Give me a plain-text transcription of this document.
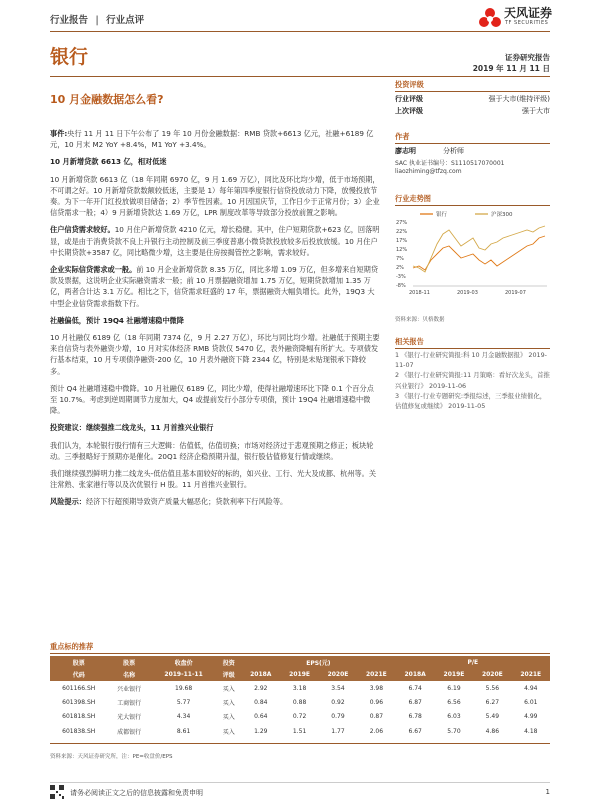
行业报告 | 行业点评
天风证券
TF SECURITIES
银行	证券研究报告
2019 年 11 月 11 日
10 月金融数据怎么看?
投资评级
行业评级	强于大市(维持评级)
上次评级	强于大市
作者
廖志明	分析师
SAC 执业证书编号：S1110517070001
liaozhiming@tfzq.com
行业走势图
银行	沪深300
27%
22%
17%
12%
7%
2%
-3%
-8%
2018-11	2019-03	2019-07
资料来源：贝格数据
相关报告
1 《银行-行业研究简报:科 10 月金融数据报》 2019-11-07
2 《银行-行业研究简报:11 月策略：看好次龙头，首推兴业银行》 2019-11-06
3 《银行-行业专题研究:季报综述，三季报业绩催化，估值修复或继续》 2019-11-05

事件:央行 11 月 11 日下午公布了 19 年 10 月份金融数据：RMB 贷款+6613 亿元，社融+6189 亿元，10 月末 M2 YoY +8.4%，M1 YoY +3.4%。

10 月新增贷款 6613 亿，相对低迷

10 月新增贷款 6613 亿（18 年同期 6970 亿，9 月 1.69 万亿），同比及环比均少增，低于市场预期，不可谓之好。10 月新增贷款数额较低迷，主要是 1）每年第四季度银行信贷投放动力下降，放慢投放节奏。为下一年开门红投放做项目储备；2）季节性因素。10 月因国庆节，工作日少于正常月份；3）企业信贷需求一般；4）9 月新增贷款达 1.69 万亿，LPR 制度改革等导致部分投放前置之影响。

住户信贷需求较好。10 月住户新增贷款 4210 亿元，增长稳健。其中，住户短期贷款+623 亿，回落明显，或是由于消费贷款不良上升银行主动控制及前三季度普惠小微贷款投放较多后投放放缓。10 月住户中长期贷款+3587 亿，同比略微少增，这主要是住房按揭管控之影响，需求较好。

企业实际信贷需求或一般。前 10 月企业新增贷款 8.35 万亿，同比多增 1.09 万亿，但多增来自短期贷款及票据，这说明企业实际融资需求一般；前 10 月票据融资增加 1.75 万亿，短期贷款增加 1.35 万亿，两者合计达 3.1 万亿。相比之下，信贷需求旺盛的 17 年，票据融资大幅负增长。此外，19Q3 大中型企业信贷需求指数下行。

社融偏低，预计 19Q4 社融增速稳中微降

10 月社融仅 6189 亿（18 年同期 7374 亿，9 月 2.27 万亿），环比与同比均少增。社融低于预期主要来自信贷与表外融资少增，10 月对实体经济 RMB 贷款仅 5470 亿，表外融资降幅有所扩大。专项债发行基本结束，10 月专项债净融资-200 亿，10 月表外融资下降 2344 亿，特别是未贴现银承下降较多。

预计 Q4 社融增速稳中微降。10 月社融仅 6189 亿，同比少增，使得社融增速环比下降 0.1 个百分点至 10.7%。考虑到逆周期调节力度加大，Q4 或提前发行小部分专项债，预计 19Q4 社融增速稳中微降。

投资建议：继续强推二线龙头，11 月首推兴业银行

我们认为，本轮银行股行情有三大逻辑：估值低，估值切换；市场对经济过于悲观预期之修正；板块轮动。三季报略好于预期亦是催化。20Q1 经济企稳预期升温，银行股估值修复行情或继续。

我们继续强烈鲜明力推二线龙头-低估值且基本面较好的标的，如兴业、工行、光大及成都、杭州等。关注常熟、张家港行等以及次优银行 H 股。11 月首推兴业银行。

风险提示：经济下行超预期导致资产质量大幅恶化；贷款利率下行风险等。

重点标的推荐
股票	股票	收盘价	投资	EPS(元)				P/E			
代码	名称	2019-11-11	评级	2018A	2019E	2020E	2021E	2018A	2019E	2020E	2021E
601166.SH	兴业银行	19.68	买入	2.92	3.18	3.54	3.98	6.74	6.19	5.56	4.94
601398.SH	工商银行	5.77	买入	0.84	0.88	0.92	0.96	6.87	6.56	6.27	6.01
601818.SH	光大银行	4.34	买入	0.64	0.72	0.79	0.87	6.78	6.03	5.49	4.99
601838.SH	成都银行	8.61	买入	1.29	1.51	1.77	2.06	6.67	5.70	4.86	4.18
资料来源：天风证券研究所，注：PE=收盘价/EPS
请务必阅读正文之后的信息披露和免责申明	1
